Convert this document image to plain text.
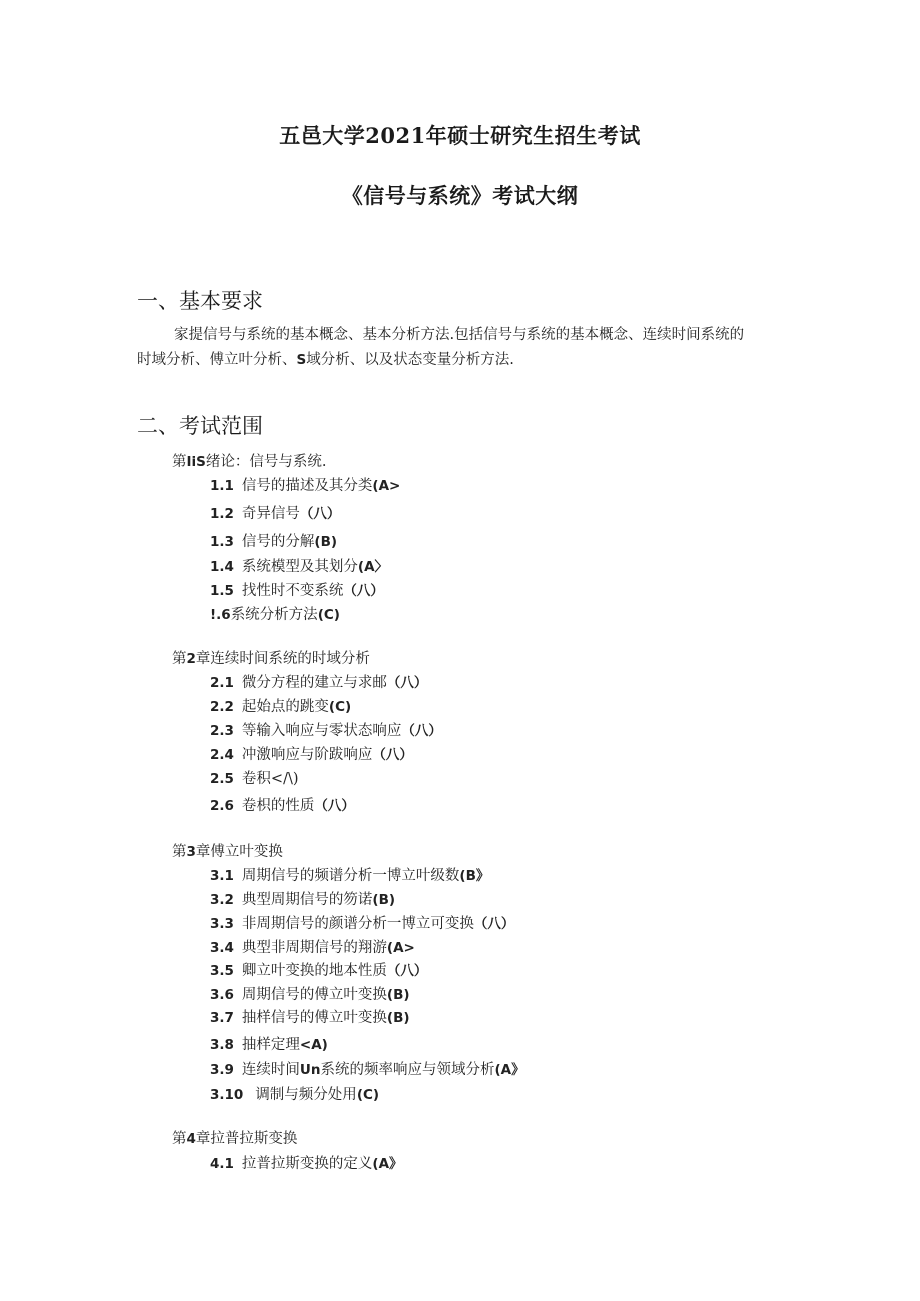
五邑大学2021年硕士研究生招生考试
《信号与系统》考试大纲
一、基本要求
家提信号与系统的基本概念、基本分析方法.包括信号与系统的基本概念、连续时间系统的
时域分析、傅立叶分析、S域分析、以及状态变量分析方法.
二、考试范围
第IiS绪论：信号与系统.
1.1 信号的描述及其分类(A>
1.2 奇异信号（八）
1.3 信号的分解(B)
1.4 系统模型及其划分(A〉
1.5 找性时不变系统（八）
!.6系统分析方法(C)
第2章连续时间系统的时域分析
2.1 微分方程的建立与求邮（八）
2.2 起始点的跳变(C)
2.3 等输入响应与零状态响应（八）
2.4 冲激响应与阶跋响应（八）
2.5 卷积</\)
2.6 卷枳的性质（八）
第3章傅立叶变换
3.1 周期信号的频谱分析一博立叶级数(B》
3.2 典型周期信号的笏诺(B)
3.3 非周期信号的颜谱分析一博立可变换（八）
3.4 典型非周期信号的翔游(A>
3.5 卿立叶变换的地本性质（八）
3.6 周期信号的傅立叶变换(B)
3.7 抽样信号的傅立叶变换(B)
3.8 抽样定理<A)
3.9 连续时间Un系统的频率响应与领域分析(A》
3.10 调制与频分处用(C)
第4章拉普拉斯变换
4.1 拉普拉斯变换的定义(A》
